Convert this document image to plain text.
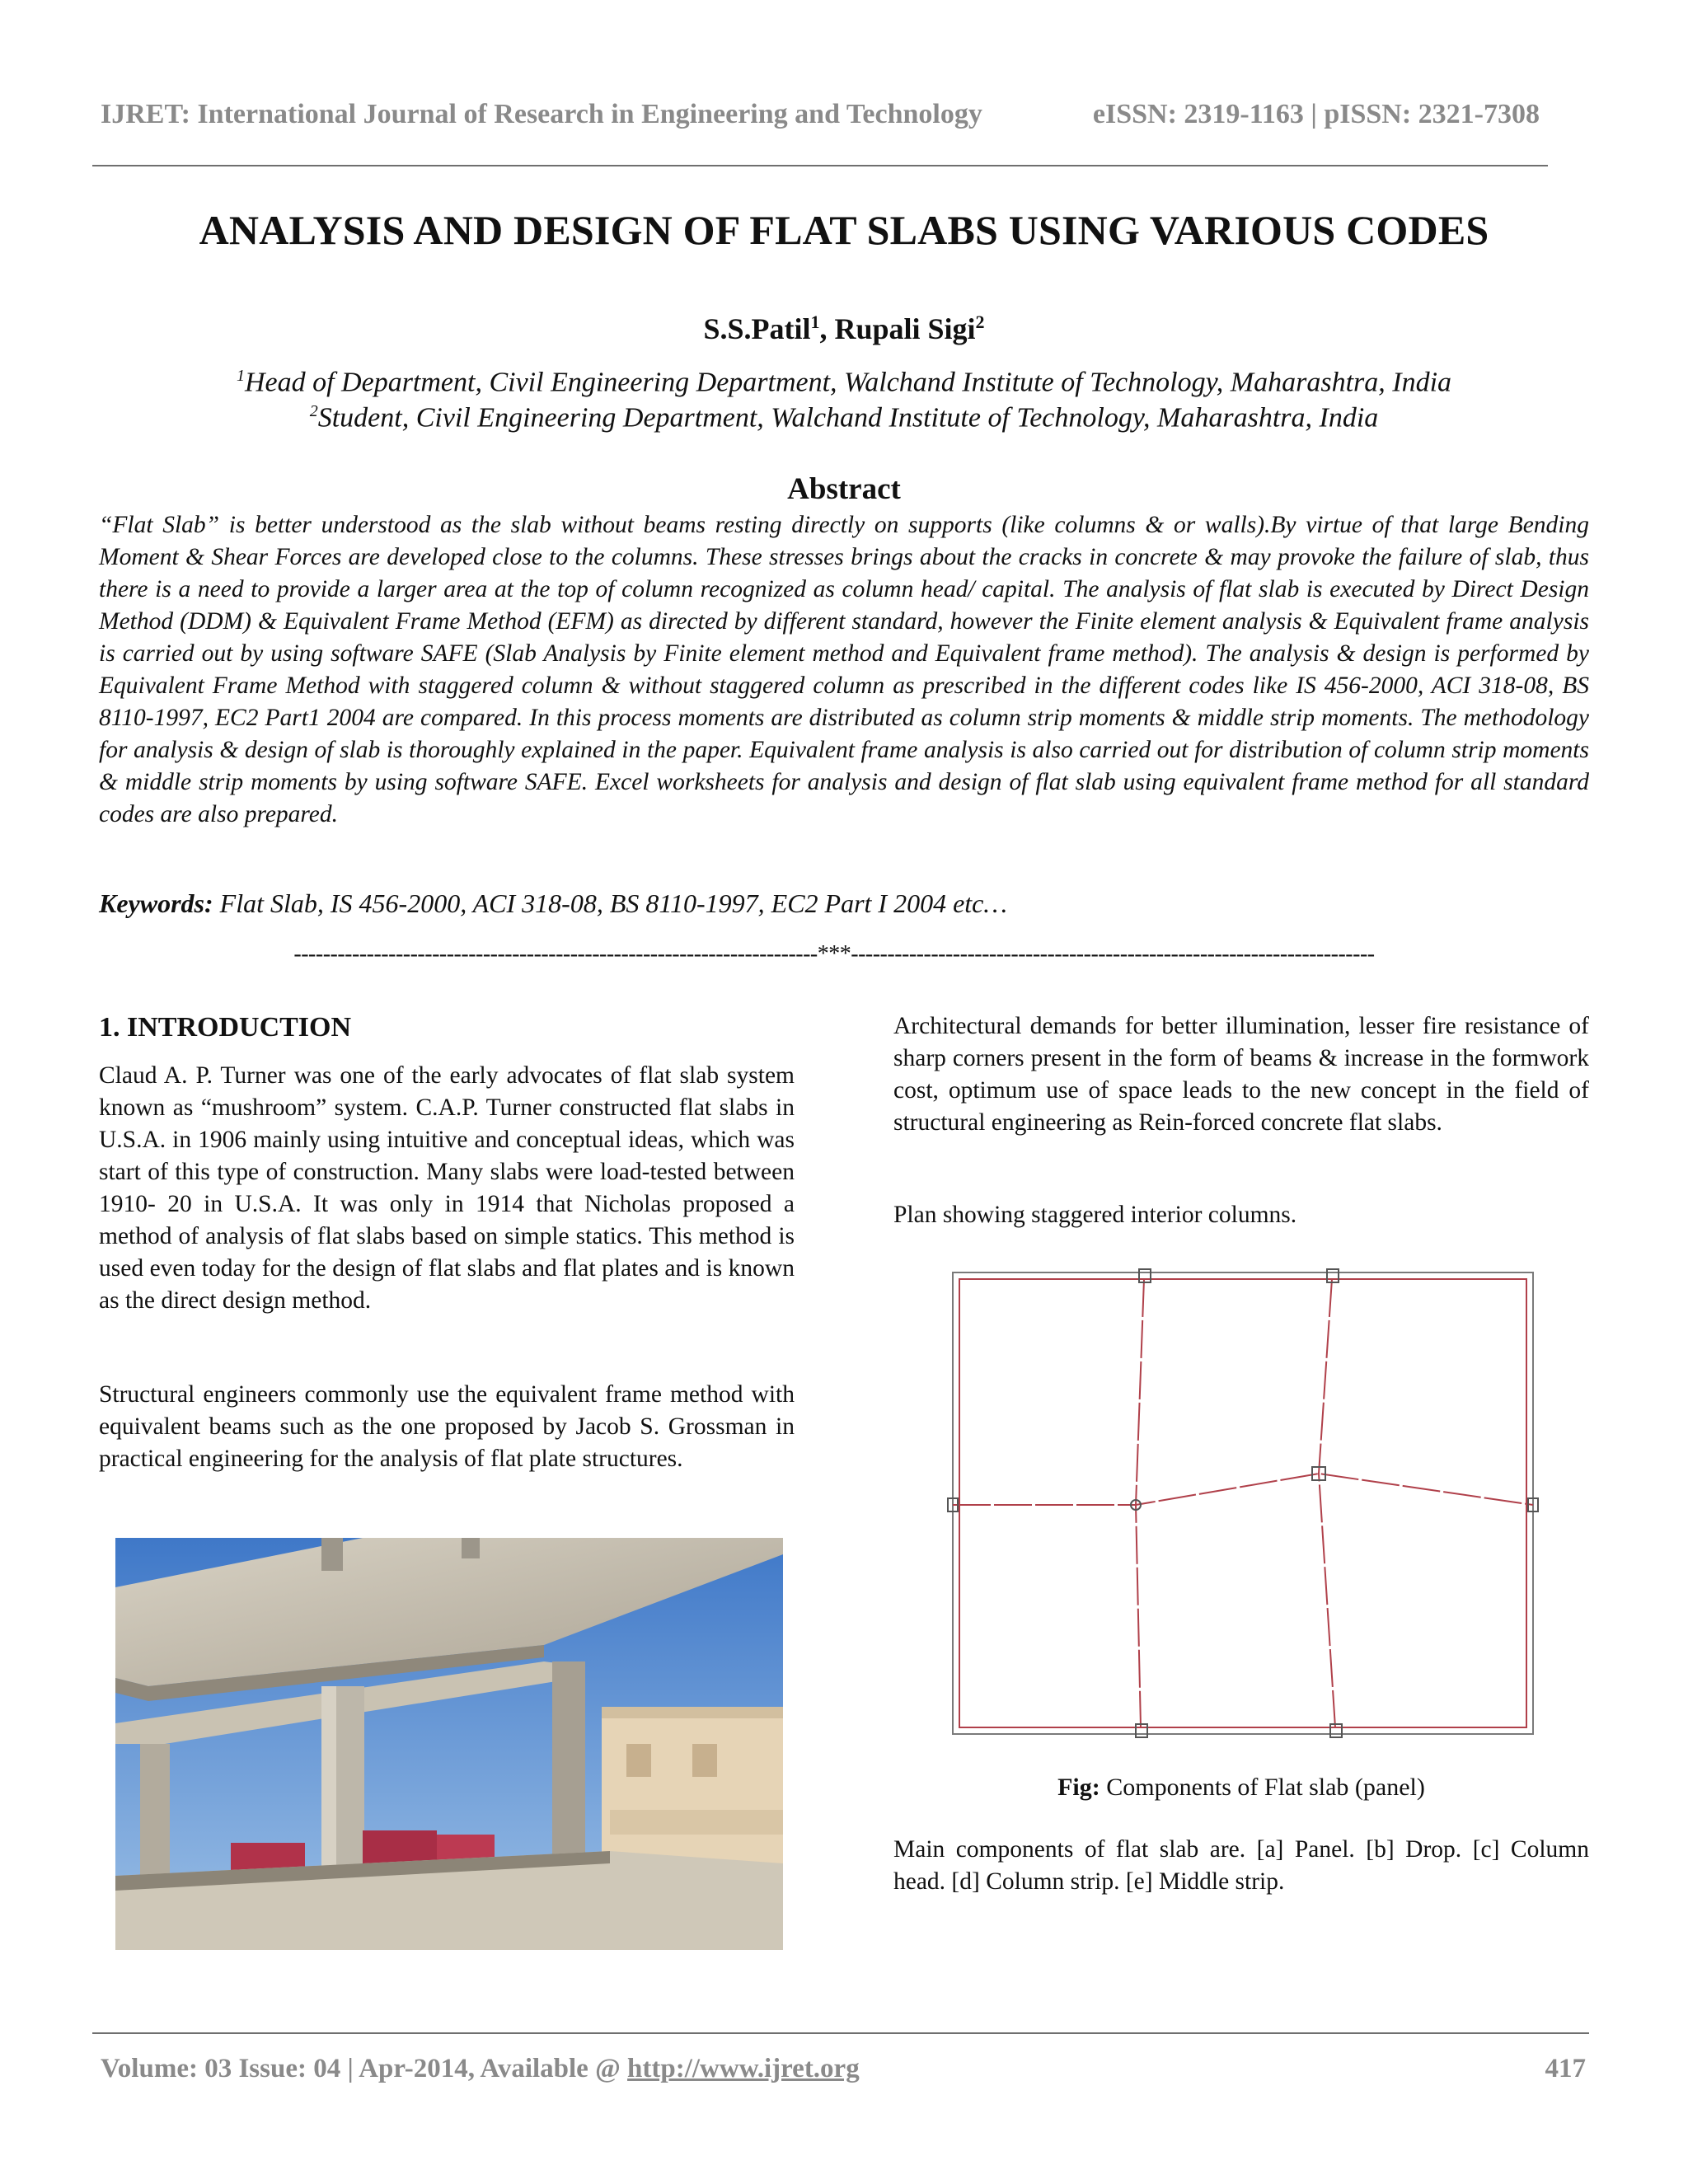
IJRET: International Journal of Research in Engineering and Technology	eISSN: 2319-1163 | pISSN: 2321-7308
ANALYSIS AND DESIGN OF FLAT SLABS USING VARIOUS CODES
S.S.Patil$^1$, Rupali Sigi$^2$
$^1$Head of Department, Civil Engineering Department, Walchand Institute of Technology, Maharashtra, India
$^2$Student, Civil Engineering Department, Walchand Institute of Technology, Maharashtra, India
Abstract
“Flat Slab” is better understood as the slab without beams resting directly on supports (like columns & or walls).By virtue of that large Bending Moment & Shear Forces are developed close to the columns. These stresses brings about the cracks in concrete & may provoke the failure of slab, thus there is a need to provide a larger area at the top of column recognized as column head/ capital. The analysis of flat slab is executed by Direct Design Method (DDM) & Equivalent Frame Method (EFM) as directed by different standard, however the Finite element analysis & Equivalent frame analysis is carried out by using software SAFE (Slab Analysis by Finite element method and Equivalent frame method). The analysis & design is performed by Equivalent Frame Method with staggered column & without staggered column as prescribed in the different codes like IS 456-2000, ACI 318-08, BS 8110-1997, EC2 Part1 2004 are compared. In this process moments are distributed as column strip moments & middle strip moments. The methodology for analysis & design of slab is thoroughly explained in the paper. Equivalent frame analysis is also carried out for distribution of column strip moments & middle strip moments by using software SAFE. Excel worksheets for analysis and design of flat slab using equivalent frame method for all standard codes are also prepared.
Keywords: Flat Slab, IS 456-2000, ACI 318-08, BS 8110-1997, EC2 Part I 2004 etc…
------------------------------------------------------------------------***------------------------------------------------------------------------
1. INTRODUCTION
Claud A. P. Turner was one of the early advocates of flat slab system known as “mushroom” system. C.A.P. Turner constructed flat slabs in U.S.A. in 1906 mainly using intuitive and conceptual ideas, which was start of this type of construction. Many slabs were load-tested between 1910- 20 in U.S.A. It was only in 1914 that Nicholas proposed a method of analysis of flat slabs based on simple statics. This method is used even today for the design of flat slabs and flat plates and is known as the direct design method.
Structural engineers commonly use the equivalent frame method with equivalent beams such as the one proposed by Jacob S. Grossman in practical engineering for the analysis of flat plate structures.
Architectural demands for better illumination, lesser fire resistance of sharp corners present in the form of beams & increase in the formwork cost, optimum use of space leads to the new concept in the field of structural engineering as Rein-forced concrete flat slabs.
Plan showing staggered interior columns.
Fig: Components of Flat slab (panel)
Main components of flat slab are. [a] Panel. [b] Drop. [c] Column head. [d] Column strip. [e] Middle strip.
Volume: 03 Issue: 04 | Apr-2014, Available @ http://www.ijret.org	417
